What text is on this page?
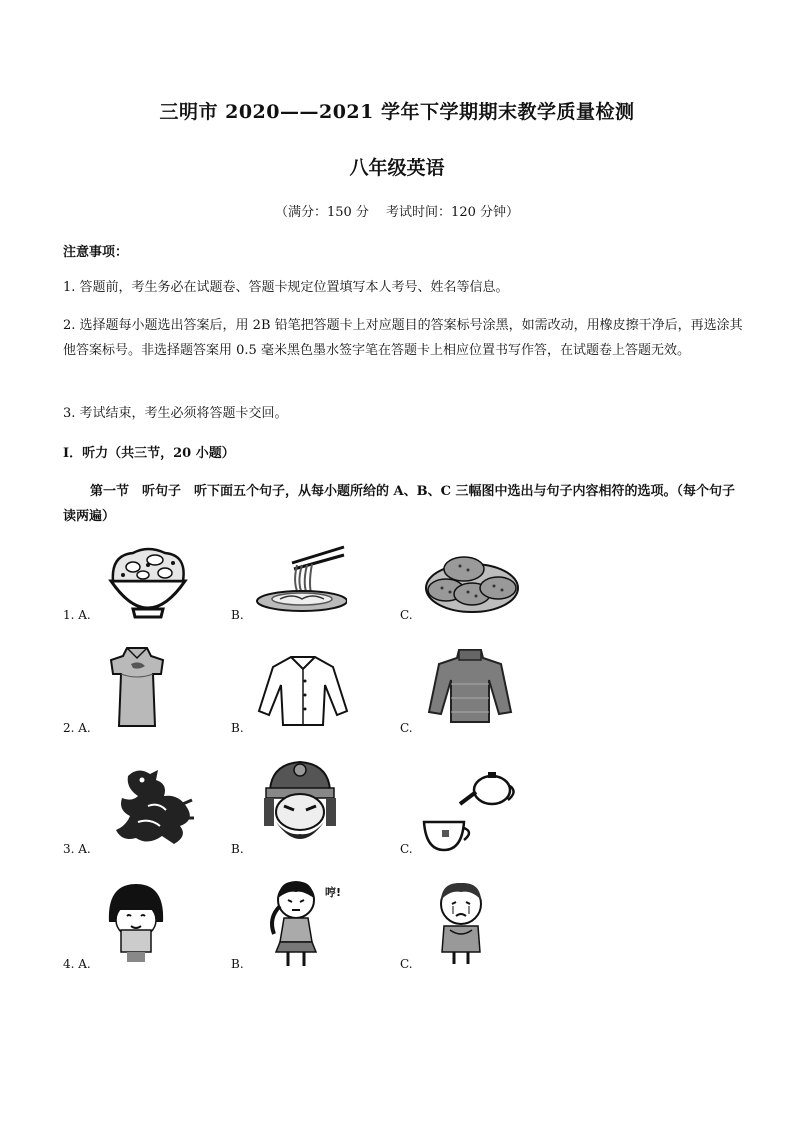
三明市 2020——2021 学年下学期期末教学质量检测
八年级英语
（满分：150 分　 考试时间：120 分钟）
注意事项：
1. 答题前，考生务必在试题卷、答题卡规定位置填写本人考号、姓名等信息。
2. 选择题每小题选出答案后，用 2B 铅笔把答题卡上对应题目的答案标号涂黑，如需改动，用橡皮擦干净后，再选涂其他答案标号。非选择题答案用 0.5 毫米黑色墨水签字笔在答题卡上相应位置书写作答，在试题卷上答题无效。
3. 考试结束，考生必须将答题卡交回。
I．听力（共三节，20 小题）
第一节　听句子　听下面五个句子，从每小题所给的 A、B、C 三幅图中选出与句子内容相符的选项。（每个句子读两遍）
1. A.	B.	C.
2. A.	B.	C.
3. A.	B.	C.
4. A.	B.	C.
哼!
